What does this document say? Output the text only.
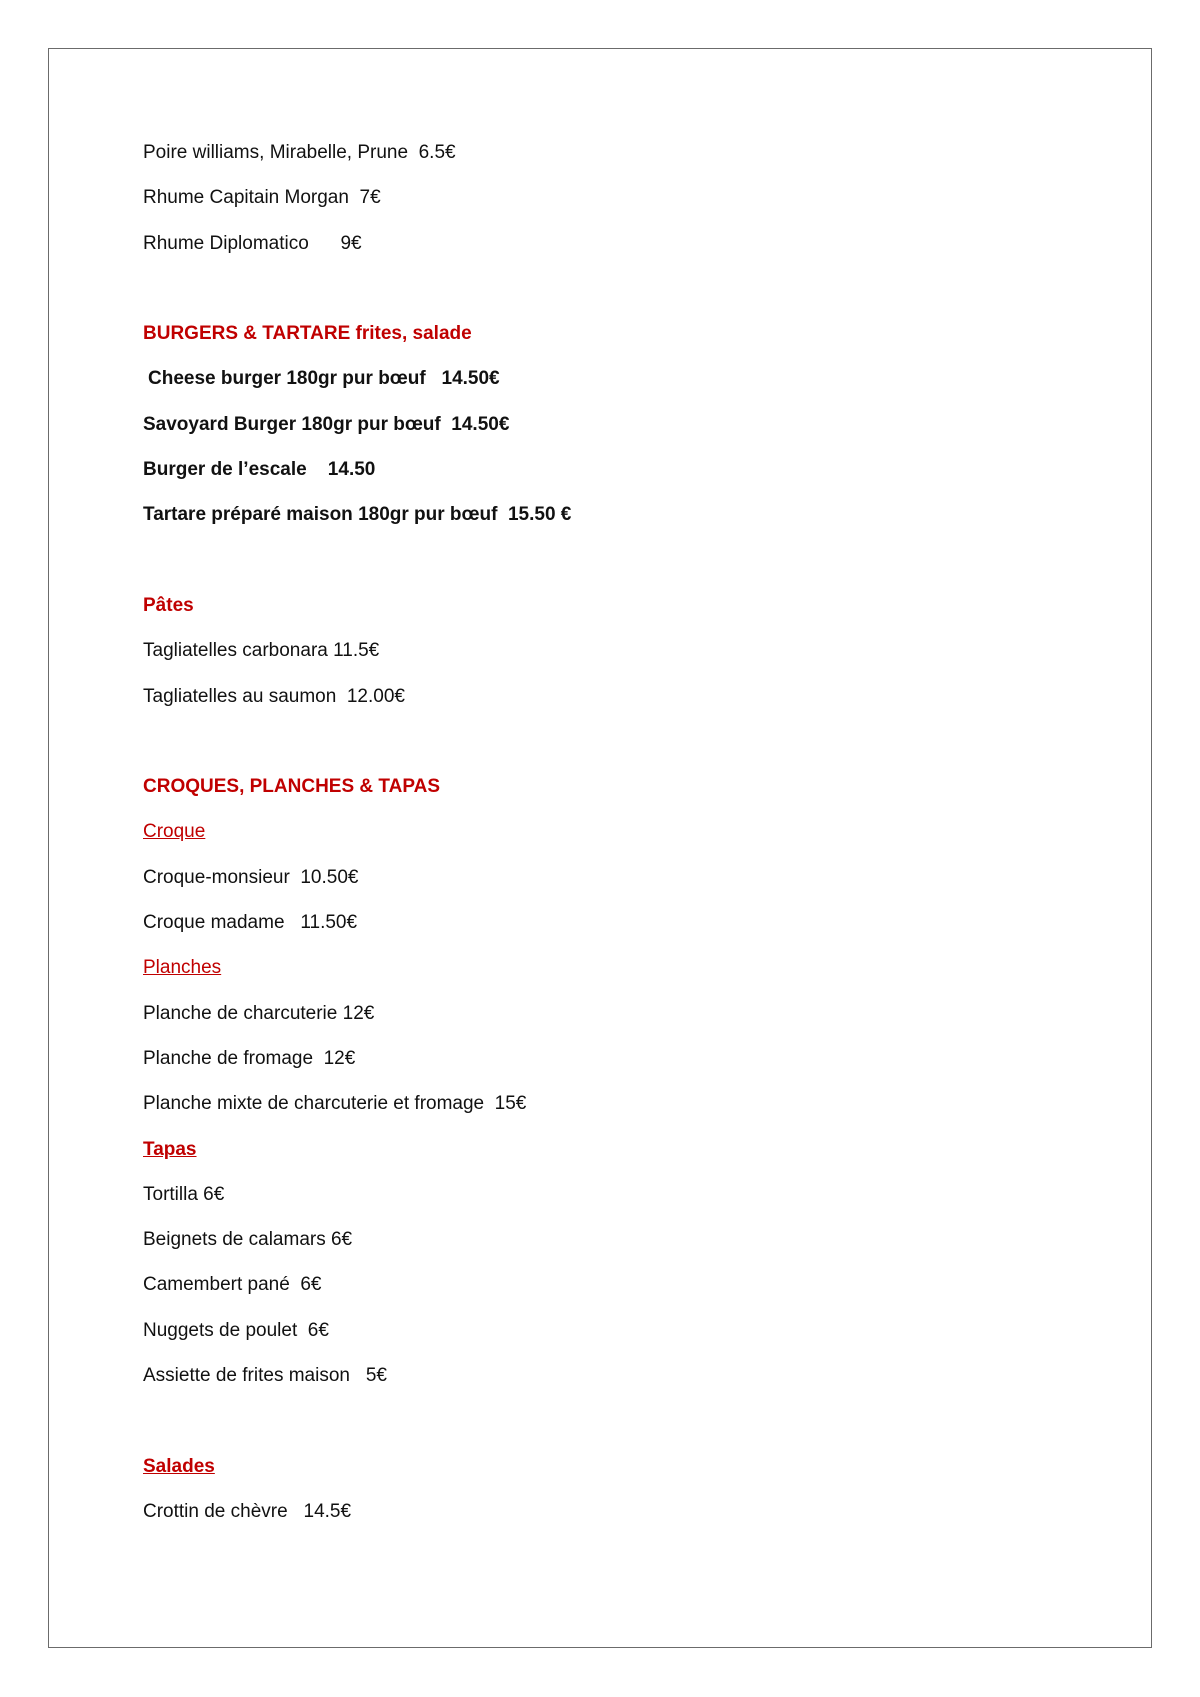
Poire williams, Mirabelle, Prune  6.5€
Rhume Capitain Morgan  7€
Rhume Diplomatico      9€
BURGERS & TARTARE frites, salade
Cheese burger 180gr pur bœuf   14.50€
Savoyard Burger 180gr pur bœuf  14.50€
Burger de l’escale    14.50
Tartare préparé maison 180gr pur bœuf  15.50 €
Pâtes
Tagliatelles carbonara 11.5€
Tagliatelles au saumon  12.00€
CROQUES, PLANCHES & TAPAS
Croque
Croque-monsieur  10.50€
Croque madame   11.50€
Planches
Planche de charcuterie 12€
Planche de fromage  12€
Planche mixte de charcuterie et fromage  15€
Tapas
Tortilla 6€
Beignets de calamars 6€
Camembert pané  6€
Nuggets de poulet  6€
Assiette de frites maison   5€
Salades
Crottin de chèvre   14.5€
